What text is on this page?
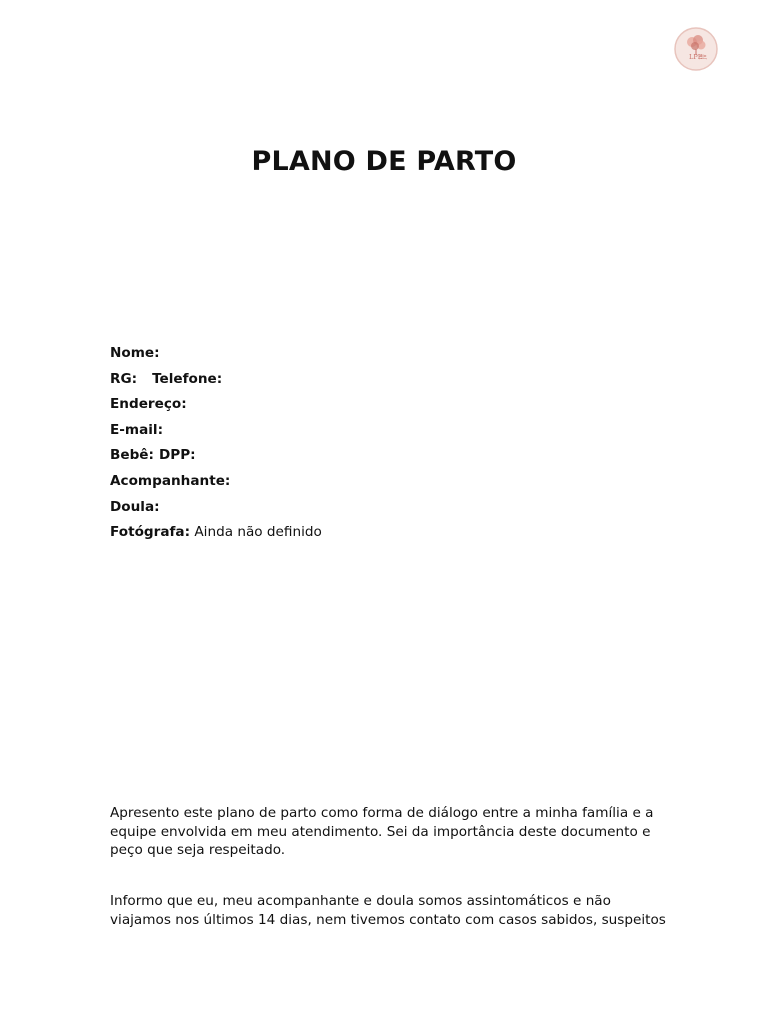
LPE
PLANO DE PARTO
Nome:
RG: Telefone:
Endereço:
E-mail:
Bebê: DPP:
Acompanhante:
Doula:
Fotógrafa: Ainda não definido

Apresento este plano de parto como forma de diálogo entre a minha família e a
equipe envolvida em meu atendimento. Sei da importância deste documento e
peço que seja respeitado.

Informo que eu, meu acompanhante e doula somos assintomáticos e não
viajamos nos últimos 14 dias, nem tivemos contato com casos sabidos, suspeitos
